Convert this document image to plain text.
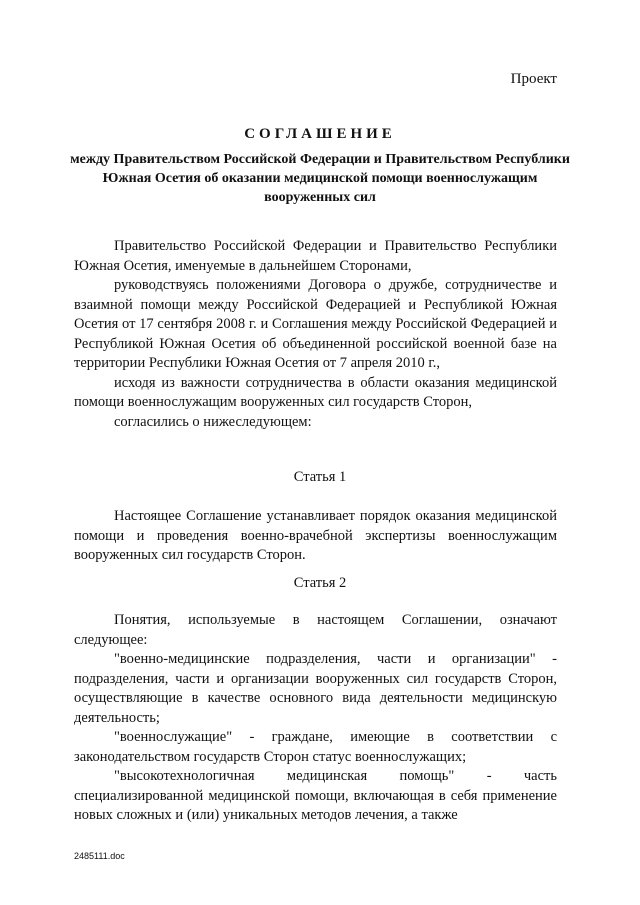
Проект
СОГЛАШЕНИЕ
между Правительством Российской Федерации и Правительством Республики Южная Осетия об оказании медицинской помощи военнослужащим вооруженных сил

Правительство Российской Федерации и Правительство Республики Южная Осетия, именуемые в дальнейшем Сторонами,

руководствуясь положениями Договора о дружбе, сотрудничестве и взаимной помощи между Российской Федерацией и Республикой Южная Осетия от 17 сентября 2008 г. и Соглашения между Российской Федерацией и Республикой Южная Осетия об объединенной российской военной базе на территории Республики Южная Осетия от 7 апреля 2010 г.,

исходя из важности сотрудничества в области оказания медицинской помощи военнослужащим вооруженных сил государств Сторон,

согласились о нижеследующем:

Статья 1

Настоящее Соглашение устанавливает порядок оказания медицинской помощи и проведения военно-врачебной экспертизы военнослужащим вооруженных сил государств Сторон.

Статья 2

Понятия, используемые в настоящем Соглашении, означают следующее:

"военно-медицинские подразделения, части и организации" - подразделения, части и организации вооруженных сил государств Сторон, осуществляющие в качестве основного вида деятельности медицинскую деятельность;

"военнослужащие" - граждане, имеющие в соответствии с законодательством государств Сторон статус военнослужащих;

"высокотехнологичная медицинская помощь" - часть специализированной медицинской помощи, включающая в себя применение новых сложных и (или) уникальных методов лечения, а также

2485111.doc
